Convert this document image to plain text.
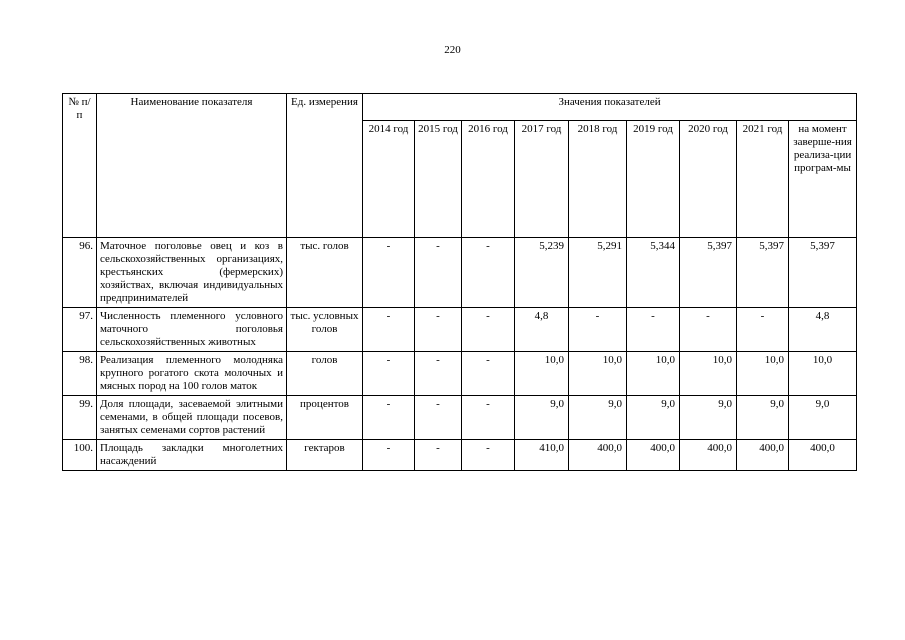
220
№ п/п	Наименование показателя	Ед. измерения	Значения показателей								
			2014 год	2015 год	2016 год	2017 год	2018 год	2019 год	2020 год	2021 год	на момент заверше-ния реализа-ции програм-мы
96.	Маточное поголовье овец и коз в сельскохозяйственных организациях, крестьянских (фермерских) хозяйствах, включая индивидуальных предпринимателей	тыс. голов	-	-	-	5,239	5,291	5,344	5,397	5,397	5,397
97.	Численность племенного условного маточного поголовья сельскохозяйственных животных	тыс. условных голов	-	-	-	4,8	-	-	-	-	4,8
98.	Реализация племенного молодняка крупного рогатого скота молочных и мясных пород на 100 голов маток	голов	-	-	-	10,0	10,0	10,0	10,0	10,0	10,0
99.	Доля площади, засеваемой элитными семенами, в общей площади посевов, занятых семенами сортов растений	процентов	-	-	-	9,0	9,0	9,0	9,0	9,0	9,0
100.	Площадь закладки многолетних насаждений	гектаров	-	-	-	410,0	400,0	400,0	400,0	400,0	400,0
